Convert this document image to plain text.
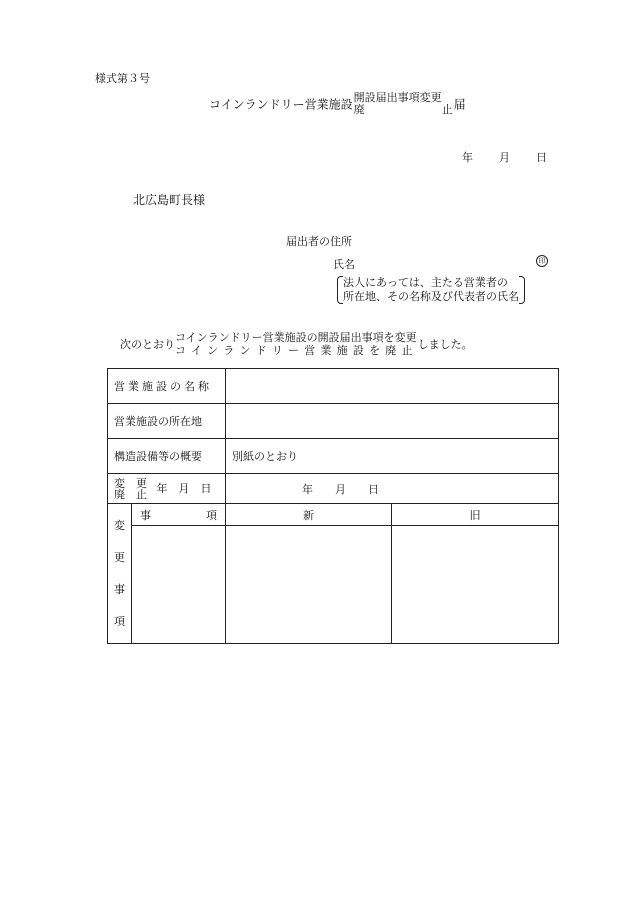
様式第３号
コインランドリー営業施設 開設届出事項変更
廃　　　　　　　止 届
年 月 日
北広島町長様
届出者の住所
氏名	印
法人にあっては、主たる営業者の
所在地、その名称及び代表者の氏名
次のとおり
コインランドリー営業施設の開設届出事項を変更
コインランドリー営業施設を廃止 しました。
営業施設の名称			
営業施設の所在地			
構造設備等の概要		別紙のとおり	

変　更
廃　止 年　月　日		年　　月　　日	

変
更
事
項	事　　　　　項	新	旧
